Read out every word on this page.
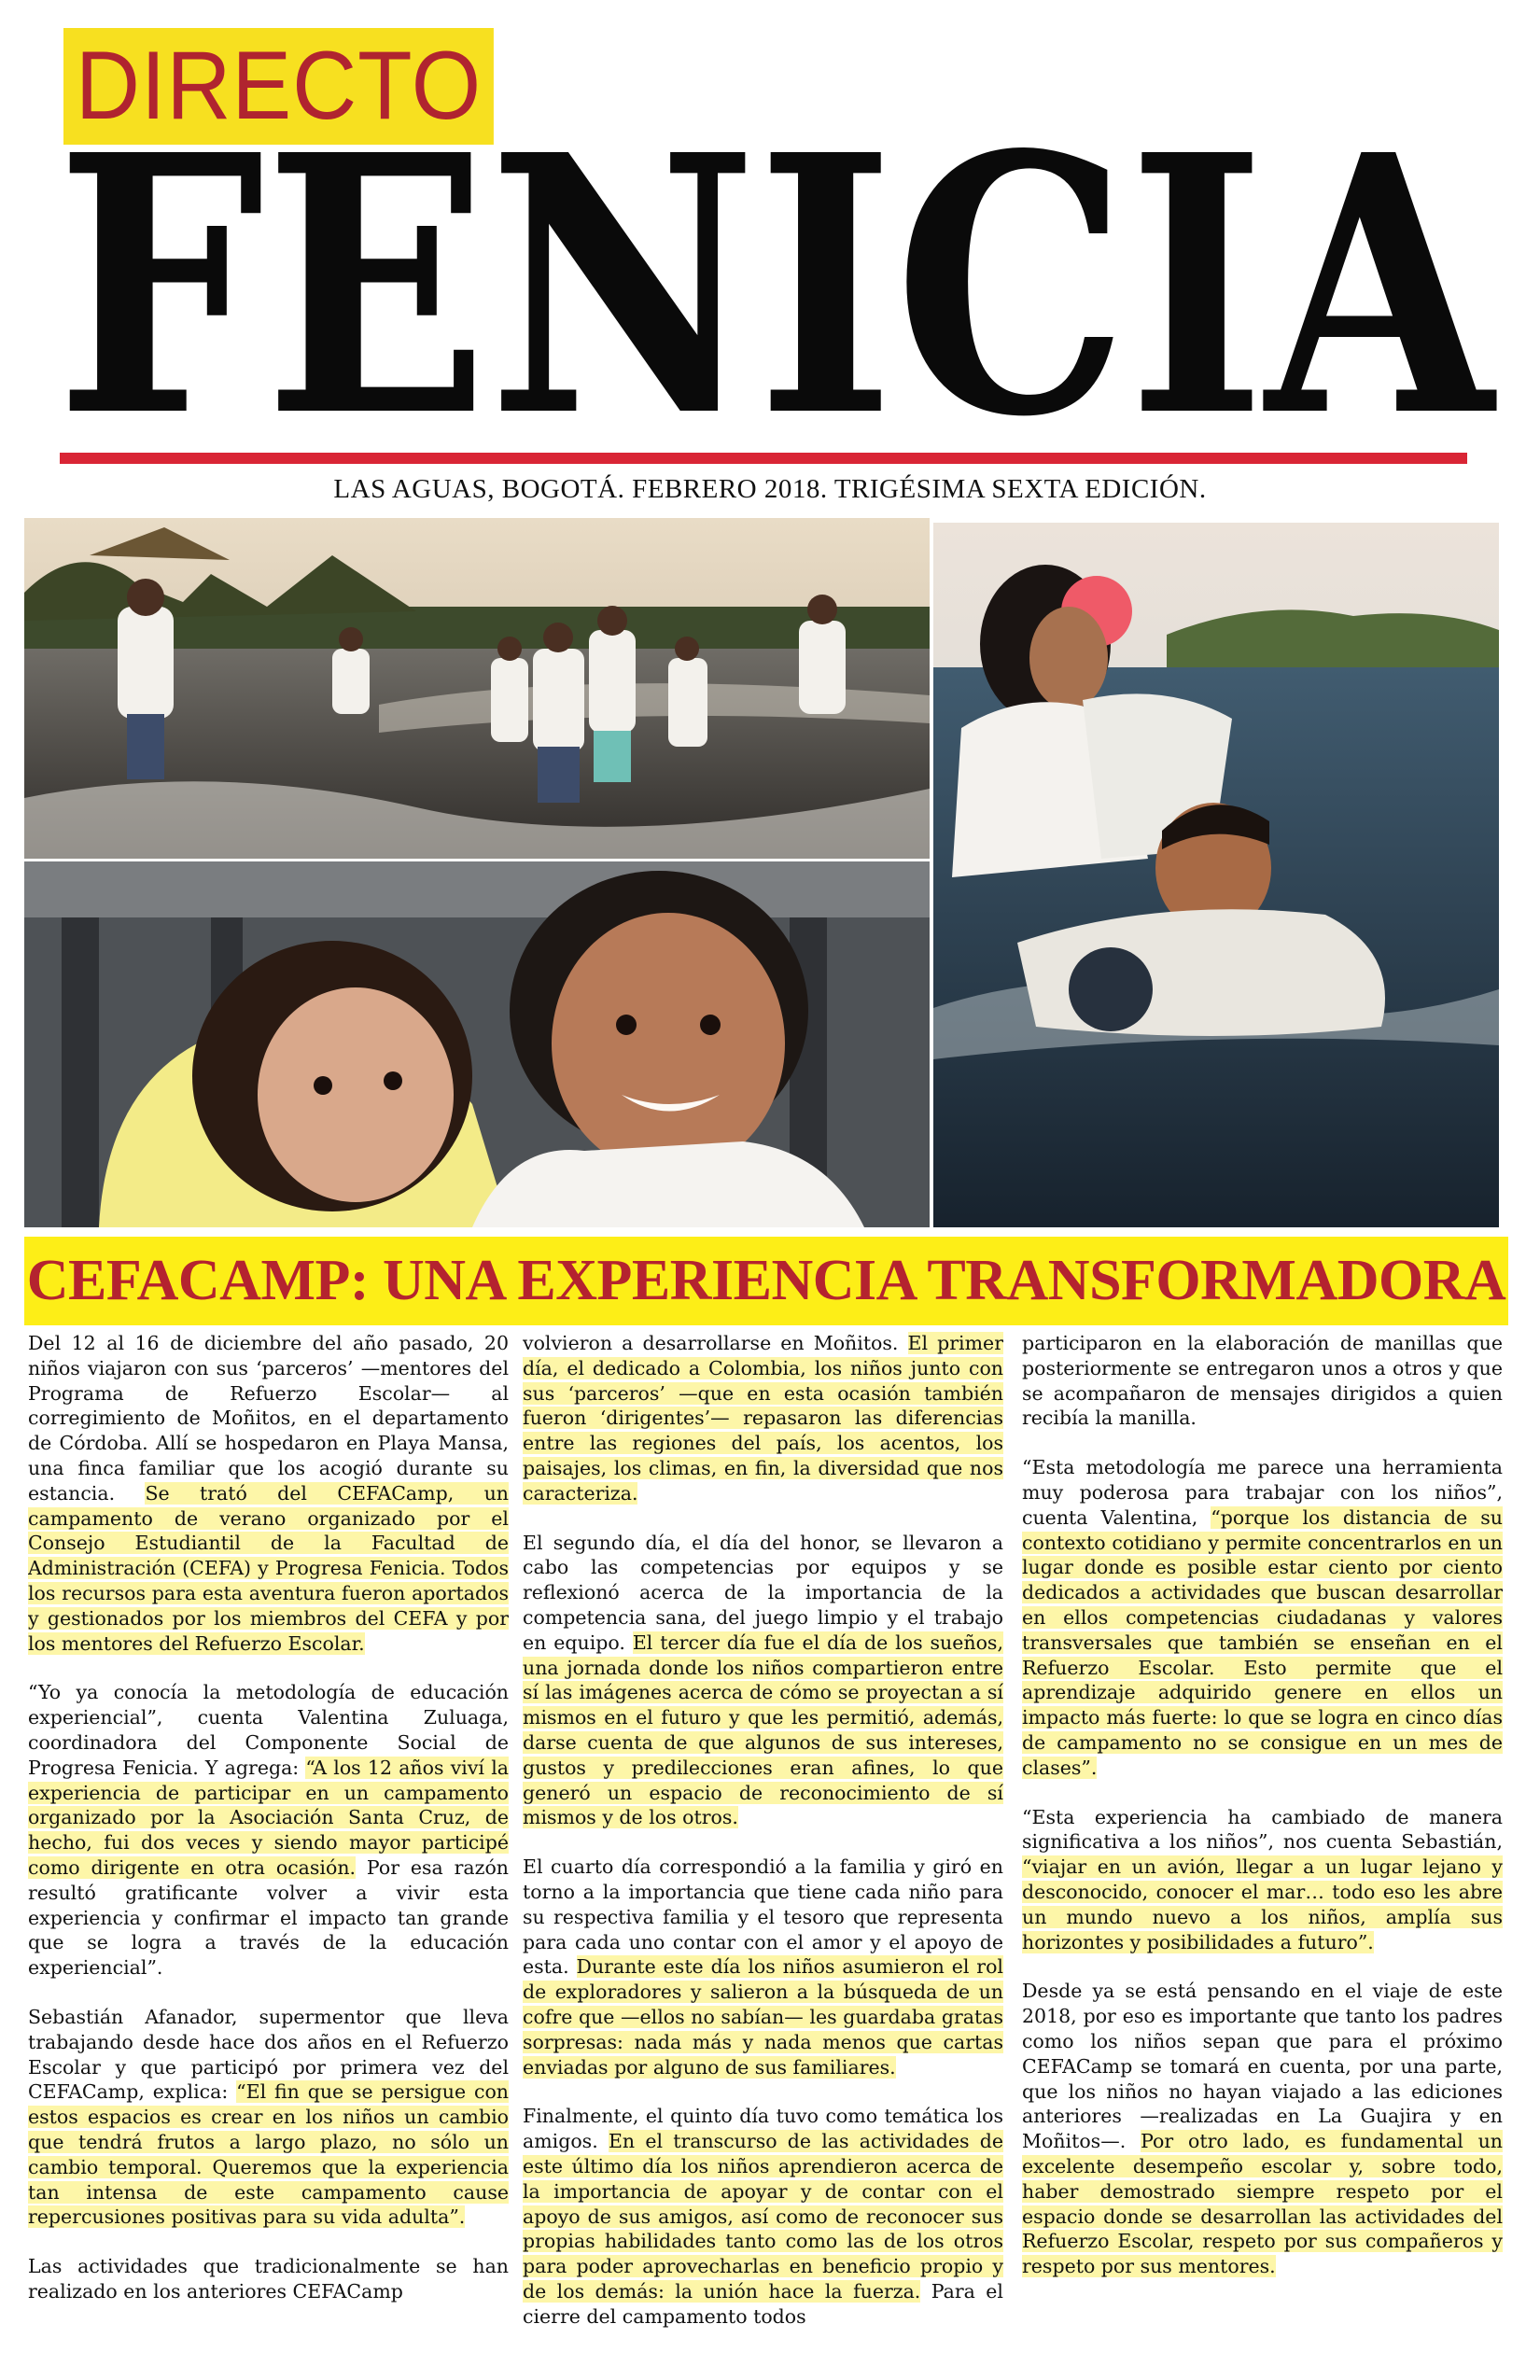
DIRECTO
FENICIA
LAS AGUAS, BOGOTÁ. FEBRERO 2018. TRIGÉSIMA SEXTA EDICIÓN.
CEFACAMP: UNA EXPERIENCIA TRANSFORMADORA

Del 12 al 16 de diciembre del año pasado, 20 niños viajaron con sus ‘parceros’ —mentores del Programa de Refuerzo Escolar— al corregimiento de Moñitos, en el departamento de Córdoba. Allí se hospedaron en Playa Mansa, una finca familiar que los acogió durante su estancia. Se trató del CEFACamp, un campamento de verano organizado por el Consejo Estudiantil de la Facultad de Administración (CEFA) y Progresa Fenicia. Todos los recursos para esta aventura fueron aportados y gestionados por los miembros del CEFA y por los mentores del Refuerzo Escolar.

“Yo ya conocía la metodología de educación experiencial”, cuenta Valentina Zuluaga, coordinadora del Componente Social de Progresa Fenicia. Y agrega: “A los 12 años viví la experiencia de participar en un campamento organizado por la Asociación Santa Cruz, de hecho, fui dos veces y siendo mayor participé como dirigente en otra ocasión. Por esa razón resultó gratificante volver a vivir esta experiencia y confirmar el impacto tan grande que se logra a través de la educación experiencial”.

Sebastián Afanador, supermentor que lleva trabajando desde hace dos años en el Refuerzo Escolar y que participó por primera vez del CEFACamp, explica: “El fin que se persigue con estos espacios es crear en los niños un cambio que tendrá frutos a largo plazo, no sólo un cambio temporal. Queremos que la experiencia tan intensa de este campamento cause repercusiones positivas para su vida adulta”.

Las actividades que tradicionalmente se han realizado en los anteriores CEFACamp

volvieron a desarrollarse en Moñitos. El primer día, el dedicado a Colombia, los niños junto con sus ‘parceros’ —que en esta ocasión también fueron ‘dirigentes’— repasaron las diferencias entre las regiones del país, los acentos, los paisajes, los climas, en fin, la diversidad que nos caracteriza.

El segundo día, el día del honor, se llevaron a cabo las competencias por equipos y se reflexionó acerca de la importancia de la competencia sana, del juego limpio y el trabajo en equipo. El tercer día fue el día de los sueños, una jornada donde los niños compartieron entre sí las imágenes acerca de cómo se proyectan a sí mismos en el futuro y que les permitió, además, darse cuenta de que algunos de sus intereses, gustos y predilecciones eran afines, lo que generó un espacio de reconocimiento de sí mismos y de los otros.

El cuarto día correspondió a la familia y giró en torno a la importancia que tiene cada niño para su respectiva familia y el tesoro que representa para cada uno contar con el amor y el apoyo de esta. Durante este día los niños asumieron el rol de exploradores y salieron a la búsqueda de un cofre que —ellos no sabían— les guardaba gratas sorpresas: nada más y nada menos que cartas enviadas por alguno de sus familiares.

Finalmente, el quinto día tuvo como temática los amigos. En el transcurso de las actividades de este último día los niños aprendieron acerca de la importancia de apoyar y de contar con el apoyo de sus amigos, así como de reconocer sus propias habilidades tanto como las de los otros para poder aprovecharlas en beneficio propio y de los demás: la unión hace la fuerza. Para el cierre del campamento todos

participaron en la elaboración de manillas que posteriormente se entregaron unos a otros y que se acompañaron de mensajes dirigidos a quien recibía la manilla.

“Esta metodología me parece una herramienta muy poderosa para trabajar con los niños”, cuenta Valentina, “porque los distancia de su contexto cotidiano y permite concentrarlos en un lugar donde es posible estar ciento por ciento dedicados a actividades que buscan desarrollar en ellos competencias ciudadanas y valores transversales que también se enseñan en el Refuerzo Escolar. Esto permite que el aprendizaje adquirido genere en ellos un impacto más fuerte: lo que se logra en cinco días de campamento no se consigue en un mes de clases”.

“Esta experiencia ha cambiado de manera significativa a los niños”, nos cuenta Sebastián, “viajar en un avión, llegar a un lugar lejano y desconocido, conocer el mar… todo eso les abre un mundo nuevo a los niños, amplía sus horizontes y posibilidades a futuro”.

Desde ya se está pensando en el viaje de este 2018, por eso es importante que tanto los padres como los niños sepan que para el próximo CEFACamp se tomará en cuenta, por una parte, que los niños no hayan viajado a las ediciones anteriores —realizadas en La Guajira y en Moñitos—. Por otro lado, es fundamental un excelente desempeño escolar y, sobre todo, haber demostrado siempre respeto por el espacio donde se desarrollan las actividades del Refuerzo Escolar, respeto por sus compañeros y respeto por sus mentores.
